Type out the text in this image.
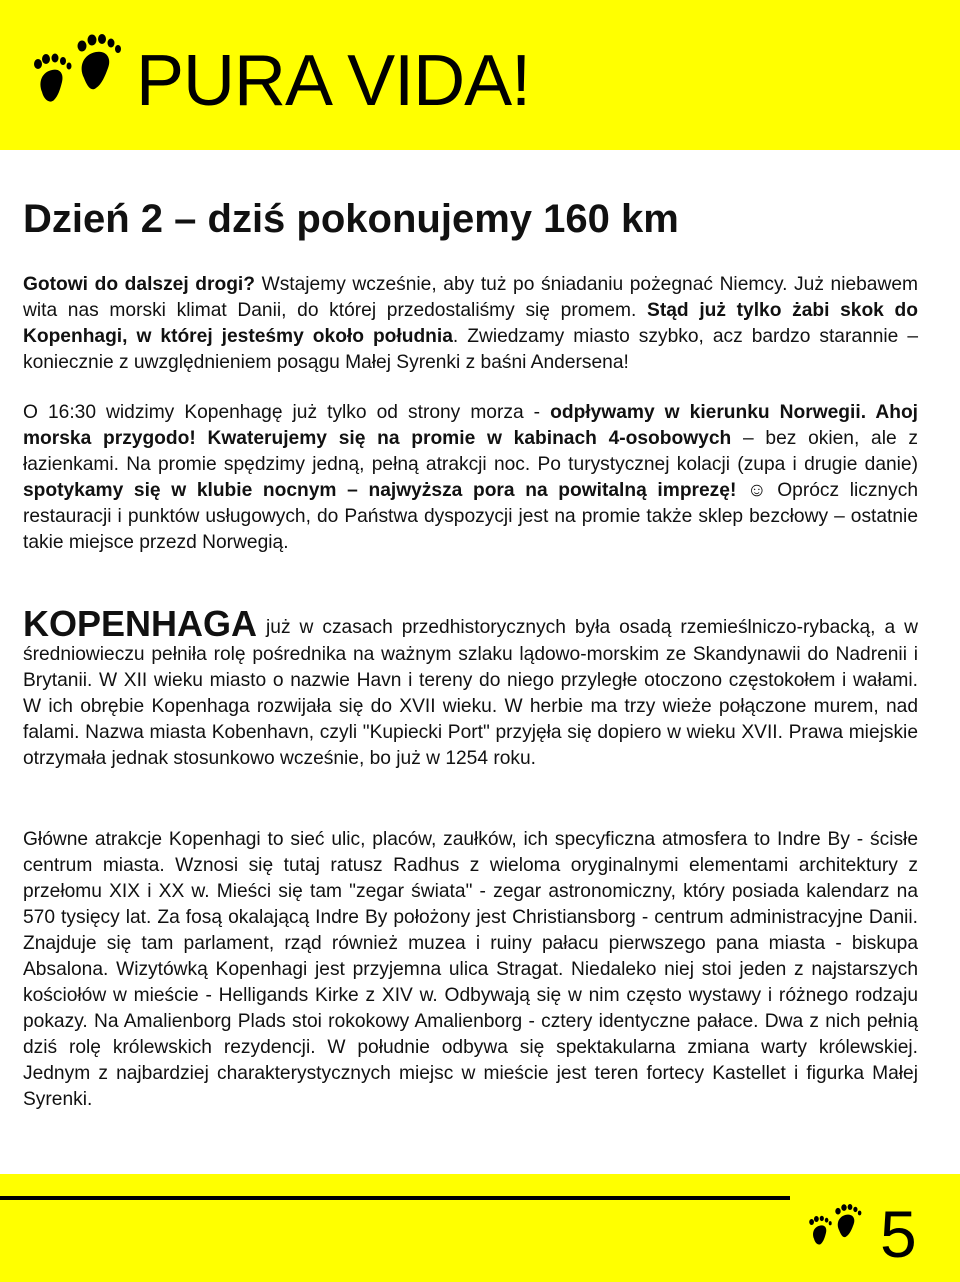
PURA VIDA!
Dzień 2 – dziś pokonujemy 160 km

Gotowi do dalszej drogi? Wstajemy wcześnie, aby tuż po śniadaniu pożegnać Niemcy. Już niebawem wita nas morski klimat Danii, do której przedostaliśmy się promem. Stąd już tylko żabi skok do Kopenhagi, w której jesteśmy około południa. Zwiedzamy miasto szybko, acz bardzo starannie – koniecznie z uwzględnieniem posągu Małej Syrenki z baśni Andersena!

O 16:30 widzimy Kopenhagę już tylko od strony morza - odpływamy w kierunku Norwegii. Ahoj morska przygodo! Kwaterujemy się na promie w kabinach 4-osobowych – bez okien, ale z łazienkami. Na promie spędzimy jedną, pełną atrakcji noc. Po turystycznej kolacji (zupa i drugie danie) spotykamy się w klubie nocnym – najwyższa pora na powitalną imprezę! ☺ Oprócz licznych restauracji i punktów usługowych, do Państwa dyspozycji jest na promie także sklep bezcłowy – ostatnie takie miejsce przezd Norwegią.

KOPENHAGA już w czasach przedhistorycznych była osadą rzemieślniczo-rybacką, a w średniowieczu pełniła rolę pośrednika na ważnym szlaku lądowo-morskim ze Skandynawii do Nadrenii i Brytanii. W XII wieku miasto o nazwie Havn i tereny do niego przyległe otoczono częstokołem i wałami. W ich obrębie Kopenhaga rozwijała się do XVII wieku. W herbie ma trzy wieże połączone murem, nad falami. Nazwa miasta Kobenhavn, czyli "Kupiecki Port" przyjęła się dopiero w wieku XVII. Prawa miejskie otrzymała jednak stosunkowo wcześnie, bo już w 1254 roku.

Główne atrakcje Kopenhagi to sieć ulic, placów, zaułków, ich specyficzna atmosfera to Indre By - ścisłe centrum miasta. Wznosi się tutaj ratusz Radhus z wieloma oryginalnymi elementami architektury z przełomu XIX i XX w. Mieści się tam "zegar świata" - zegar astronomiczny, który posiada kalendarz na 570 tysięcy lat. Za fosą okalającą Indre By położony jest Christiansborg - centrum administracyjne Danii. Znajduje się tam parlament, rząd również muzea i ruiny pałacu pierwszego pana miasta - biskupa Absalona. Wizytówką Kopenhagi jest przyjemna ulica Stragat. Niedaleko niej stoi jeden z najstarszych kościołów w mieście - Helligands Kirke z XIV w. Odbywają się w nim często wystawy i różnego rodzaju pokazy. Na Amalienborg Plads stoi rokokowy Amalienborg - cztery identyczne pałace. Dwa z nich pełnią dziś rolę królewskich rezydencji. W południe odbywa się spektakularna zmiana warty królewskiej. Jednym z najbardziej charakterystycznych miejsc w mieście jest teren fortecy Kastellet i figurka Małej Syrenki.

5
